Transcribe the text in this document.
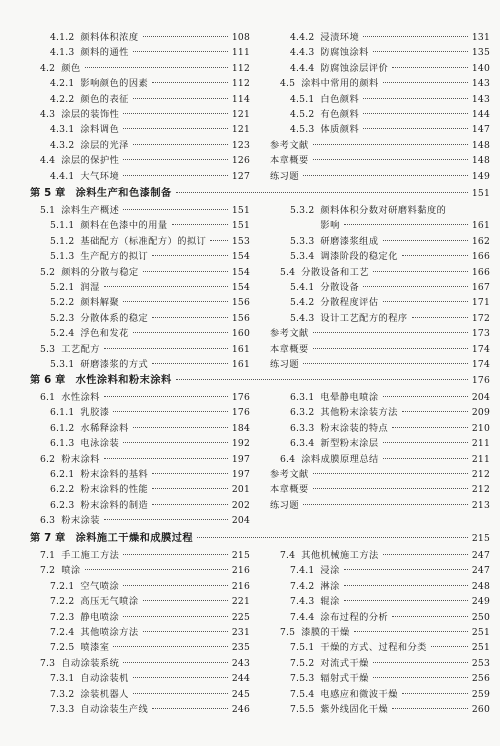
4.1.2 颜料体积浓度	108
4.1.3 颜料的通性	111
4.2 颜色	112
4.2.1 影响颜色的因素	112
4.2.2 颜色的表征	114
4.3 涂层的装饰性	121
4.3.1 涂料调色	121
4.3.2 涂层的光泽	123
4.4 涂层的保护性	126
4.4.1 大气环境	127
4.4.2 浸渍环境	131
4.4.3 防腐蚀涂料	135
4.4.4 防腐蚀涂层评价	140
4.5 涂料中常用的颜料	143
4.5.1 白色颜料	143
4.5.2 有色颜料	144
4.5.3 体质颜料	147
参考文献	148
本章概要	148
练习题	149
第 5 章 涂料生产和色漆制备	151
5.1 涂料生产概述	151
5.1.1 颜料在色漆中的用量	151
5.1.2 基础配方（标准配方）的拟订	153
5.1.3 生产配方的拟订	154
5.2 颜料的分散与稳定	154
5.2.1 润湿	154
5.2.2 颜料解聚	156
5.2.3 分散体系的稳定	156
5.2.4 浮色和发花	160
5.3 工艺配方	161
5.3.1 研磨漆浆的方式	161
5.3.2 颜料体积分数对研磨料黏度的
影响	161
5.3.3 研磨漆浆组成	162
5.3.4 调漆阶段的稳定化	166
5.4 分散设备和工艺	166
5.4.1 分散设备	167
5.4.2 分散程度评估	171
5.4.3 设计工艺配方的程序	172
参考文献	173
本章概要	174
练习题	174
第 6 章 水性涂料和粉末涂料	176
6.1 水性涂料	176
6.1.1 乳胶漆	176
6.1.2 水稀释涂料	184
6.1.3 电泳涂装	192
6.2 粉末涂料	197
6.2.1 粉末涂料的基料	197
6.2.2 粉末涂料的性能	201
6.2.3 粉末涂料的制造	202
6.3 粉末涂装	204
6.3.1 电晕静电喷涂	204
6.3.2 其他粉末涂装方法	209
6.3.3 粉末涂装的特点	210
6.3.4 新型粉末涂层	211
6.4 涂料成膜原理总结	211
参考文献	212
本章概要	212
练习题	213
第 7 章 涂料施工干燥和成膜过程	215
7.1 手工施工方法	215
7.2 喷涂	216
7.2.1 空气喷涂	216
7.2.2 高压无气喷涂	221
7.2.3 静电喷涂	225
7.2.4 其他喷涂方法	231
7.2.5 喷漆室	235
7.3 自动涂装系统	243
7.3.1 自动涂装机	244
7.3.2 涂装机器人	245
7.3.3 自动涂装生产线	246
7.4 其他机械施工方法	247
7.4.1 浸涂	247
7.4.2 淋涂	248
7.4.3 辊涂	249
7.4.4 涂布过程的分析	250
7.5 漆膜的干燥	251
7.5.1 干燥的方式、过程和分类	251
7.5.2 对流式干燥	253
7.5.3 辐射式干燥	256
7.5.4 电感应和微波干燥	259
7.5.5 紫外线固化干燥	260
